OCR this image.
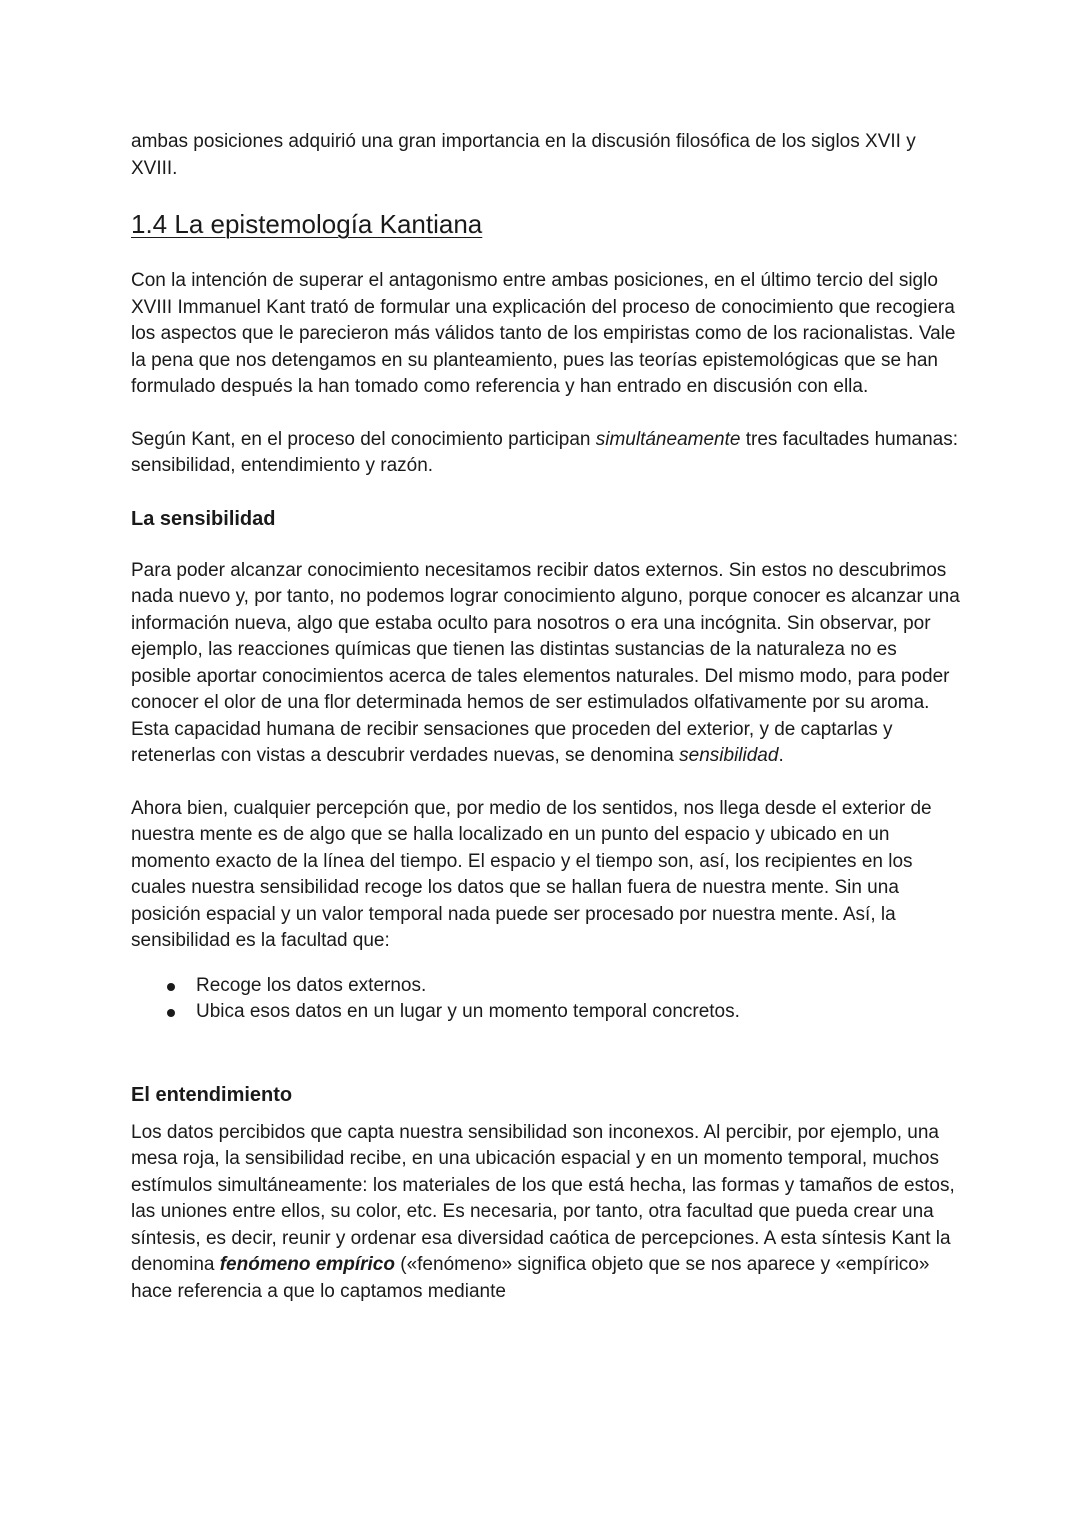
ambas posiciones adquirió una gran importancia en la discusión filosófica de los siglos XVII y XVIII.

1.4 La epistemología Kantiana

Con la intención de superar el antagonismo entre ambas posiciones, en el último tercio del siglo XVIII Immanuel Kant trató de formular una explicación del proceso de conocimiento que recogiera los aspectos que le parecieron más válidos tanto de los empiristas como de los racionalistas. Vale la pena que nos detengamos en su planteamiento, pues las teorías epistemológicas que se han formulado después la han tomado como referencia y han entrado en discusión con ella.

Según Kant, en el proceso del conocimiento participan simultáneamente tres facultades humanas: sensibilidad, entendimiento y razón.

La sensibilidad

Para poder alcanzar conocimiento necesitamos recibir datos externos. Sin estos no descubrimos nada nuevo y, por tanto, no podemos lograr conocimiento alguno, porque conocer es alcanzar una información nueva, algo que estaba oculto para nosotros o era una incógnita. Sin observar, por ejemplo, las reacciones químicas que tienen las distintas sustancias de la naturaleza no es posible aportar conocimientos acerca de tales elementos naturales. Del mismo modo, para poder conocer el olor de una flor determinada hemos de ser estimulados olfativamente por su aroma. Esta capacidad humana de recibir sensaciones que proceden del exterior, y de captarlas y retenerlas con vistas a descubrir verdades nuevas, se denomina sensibilidad.

Ahora bien, cualquier percepción que, por medio de los sentidos, nos llega desde el exterior de nuestra mente es de algo que se halla localizado en un punto del espacio y ubicado en un momento exacto de la línea del tiempo. El espacio y el tiempo son, así, los recipientes en los cuales nuestra sensibilidad recoge los datos que se hallan fuera de nuestra mente. Sin una posición espacial y un valor temporal nada puede ser procesado por nuestra mente. Así, la sensibilidad es la facultad que:

Recoge los datos externos.
Ubica esos datos en un lugar y un momento temporal concretos.
El entendimiento

Los datos percibidos que capta nuestra sensibilidad son inconexos. Al percibir, por ejemplo, una mesa roja, la sensibilidad recibe, en una ubicación espacial y en un momento temporal, muchos estímulos simultáneamente: los materiales de los que está hecha, las formas y tamaños de estos, las uniones entre ellos, su color, etc. Es necesaria, por tanto, otra facultad que pueda crear una síntesis, es decir, reunir y ordenar esa diversidad caótica de percepciones. A esta síntesis Kant la denomina fenómeno empírico («fenómeno» significa objeto que se nos aparece y «empírico» hace referencia a que lo captamos mediante
